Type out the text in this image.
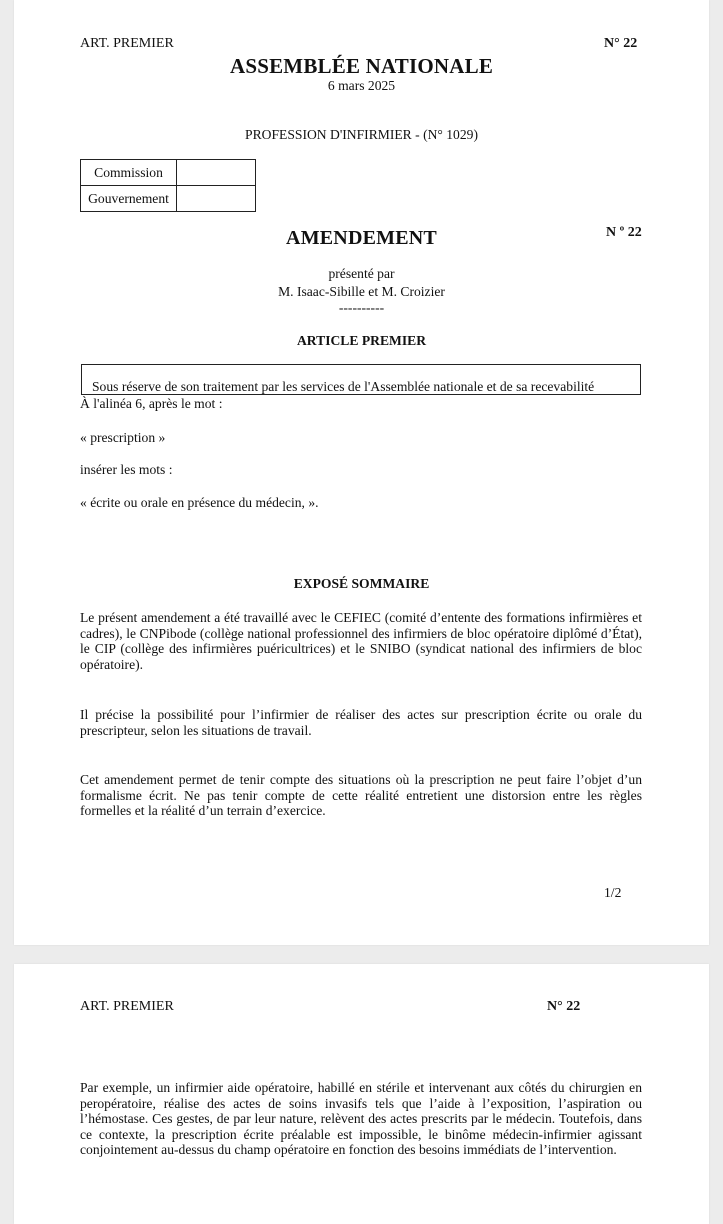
ART. PREMIER	N° 22
ASSEMBLÉE NATIONALE
6 mars 2025
PROFESSION D'INFIRMIER - (N° 1029)
Commission	
Gouvernement	
AMENDEMENT	N º 22
présenté par
M. Isaac-Sibille et M. Croizier
----------
ARTICLE PREMIER
Sous réserve de son traitement par les services de l'Assemblée nationale et de sa recevabilité
À l'alinéa 6, après le mot :
« prescription »
insérer les mots :
« écrite ou orale en présence du médecin, ».
EXPOSÉ SOMMAIRE
Le présent amendement a été travaillé avec le CEFIEC (comité d’entente des formations infirmières et cadres), le CNPibode (collège national professionnel des infirmiers de bloc opératoire diplômé d’État), le CIP (collège des infirmières puéricultrices) et le SNIBO (syndicat national des infirmiers de bloc opératoire).
Il précise la possibilité pour l’infirmier de réaliser des actes sur prescription écrite ou orale du prescripteur, selon les situations de travail.
Cet amendement permet de tenir compte des situations où la prescription ne peut faire l’objet d’un formalisme écrit. Ne pas tenir compte de cette réalité entretient une distorsion entre les règles formelles et la réalité d’un terrain d’exercice.
1/2
ART. PREMIER	N° 22
Par exemple, un infirmier aide opératoire, habillé en stérile et intervenant aux côtés du chirurgien en peropératoire, réalise des actes de soins invasifs tels que l’aide à l’exposition, l’aspiration ou l’hémostase. Ces gestes, de par leur nature, relèvent des actes prescrits par le médecin. Toutefois, dans ce contexte, la prescription écrite préalable est impossible, le binôme médecin-infirmier agissant conjointement au-dessus du champ opératoire en fonction des besoins immédiats de l’intervention.
